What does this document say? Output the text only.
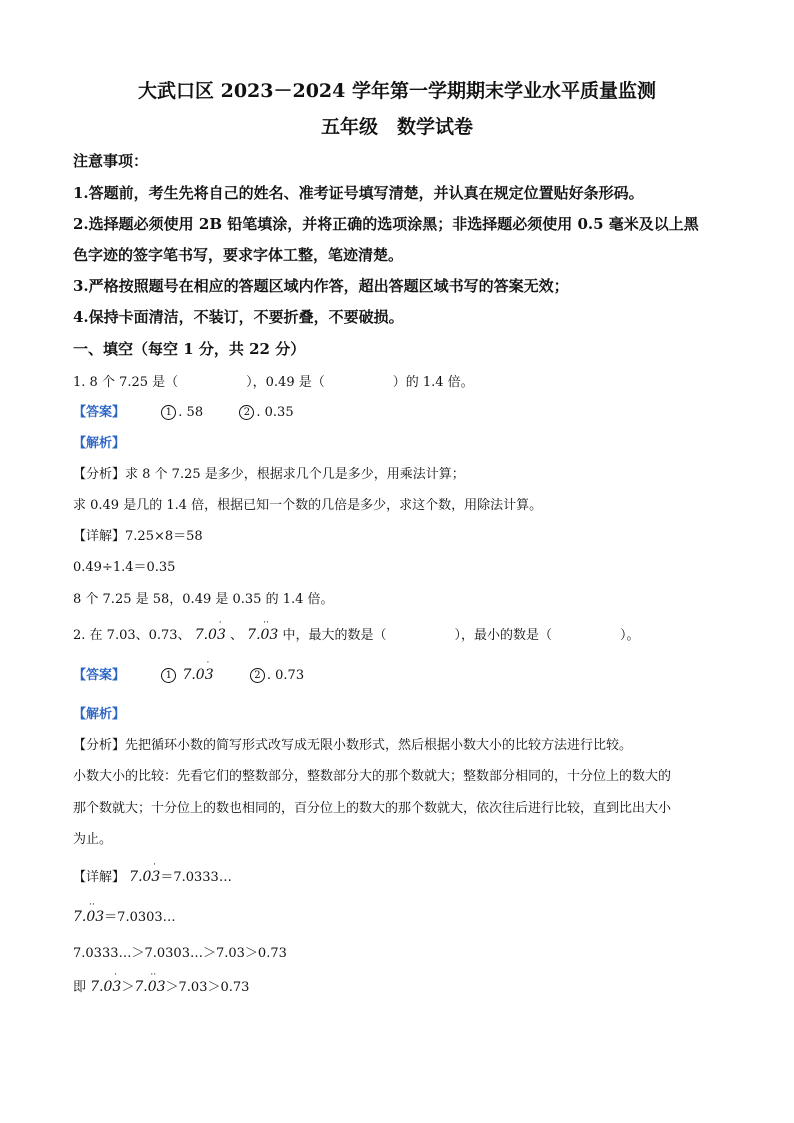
大武口区 2023－2024 学年第一学期期末学业水平质量监测
五年级　数学试卷
注意事项：
1.答题前，考生先将自己的姓名、准考证号填写清楚，并认真在规定位置贴好条形码。
2.选择题必须使用 2B 铅笔填涂，并将正确的选项涂黑；非选择题必须使用 0.5 毫米及以上黑
色字迹的签字笔书写，要求字体工整，笔迹清楚。
3.严格按照题号在相应的答题区域内作答，超出答题区域书写的答案无效；
4.保持卡面清洁，不装订，不要折叠，不要破损。
一、填空（每空 1 分，共 22 分）
1. 8 个 7.25 是（	），0.49 是（	）的 1.4 倍。
【答案】	1 . 58	2 . 0.35
【解析】
【分析】求 8 个 7.25 是多少，根据求几个几是多少，用乘法计算；
求 0.49 是几的 1.4 倍，根据已知一个数的几倍是多少，求这个数，用除法计算。
【详解】7.25×8＝58
0.49÷1.4＝0.35
8 个 7.25 是 58，0.49 是 0.35 的 1.4 倍。
2. 在 7.03、0.73、 7.03
·
、 7.03
··
中，最大的数是（	），最小的数是（	）。
【答案】	1 7.03
·
2 . 0.73
【解析】
【分析】先把循环小数的简写形式改写成无限小数形式，然后根据小数大小的比较方法进行比较。
小数大小的比较：先看它们的整数部分，整数部分大的那个数就大；整数部分相同的，十分位上的数大的
那个数就大；十分位上的数也相同的，百分位上的数大的那个数就大，依次往后进行比较，直到比出大小
为止。
【详解】 7.03
·
＝7.0333…
7.03
··
＝7.0303…
7.0333…＞7.0303…＞7.03＞0.73
即 7.03
·
＞7.03
··
＞7.03＞0.73
